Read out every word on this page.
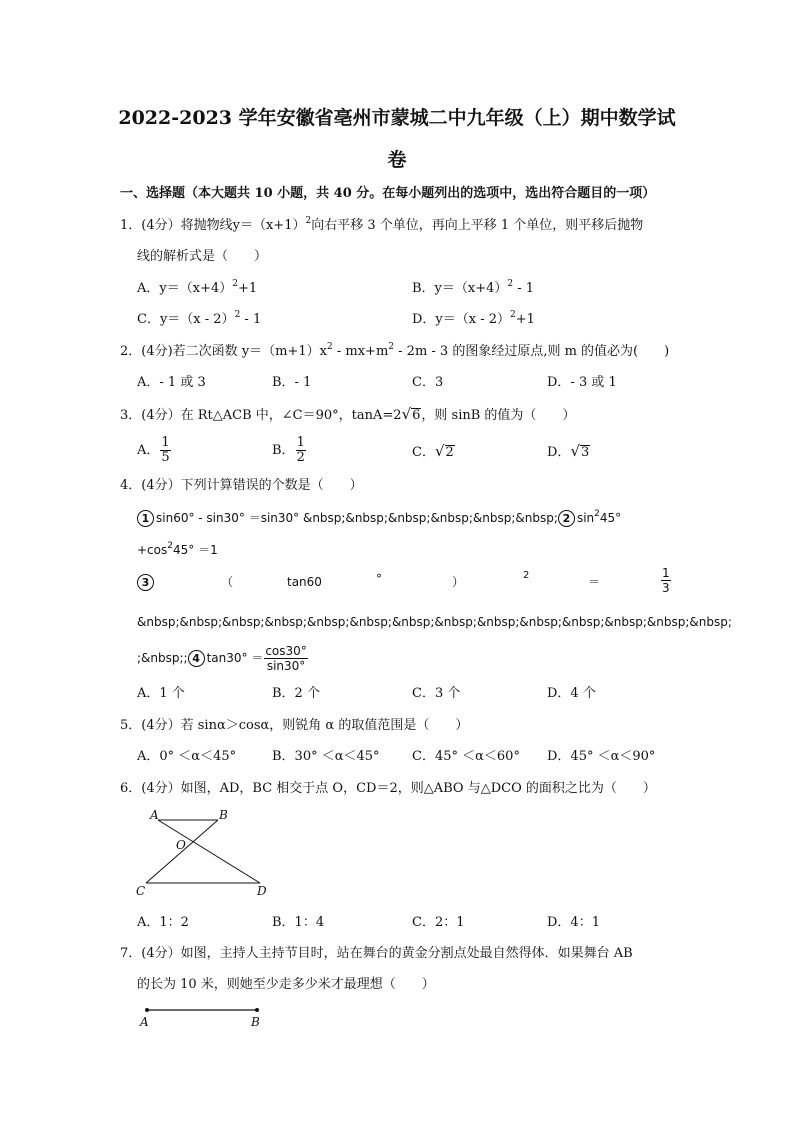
2022-2023 学年安徽省亳州市蒙城二中九年级（上）期中数学试
卷
一、选择题（本大题共 10 小题，共 40 分。在每小题列出的选项中，选出符合题目的一项）
1．(4分）将抛物线$y=(x+1)^2$向右平移 3 个单位，再向上平移 1 个单位，则平移后抛物
线的解析式是（　　）
A．$y=(x+4)^2+1$	B．$y=(x+4)^2 - 1$
C．y＝（x - 2）$^2$ - 1	D．y＝（x - 2）$^2$+1
2．(4分)若二次函数 $y=(m+1)x^2 - mx+m^2 - 2m - 3$ 的图象经过原点,则 m 的值必为(　　)
A．- 1 或 3	B．- 1	C．3	D．- 3 或 1
3．(4分）在 Rt△ACB 中，∠C＝90°，tanA=2√6，则 sinB 的值为（　　）
A． $\frac{1}{5}$	B． $\frac{1}{2}$	C．√2	D．√3
4．(4分）下列计算错误的个数是（　　）
1 sin60° - sin30° ＝sin30° &nbsp;&nbsp;&nbsp;&nbsp;&nbsp;&nbsp; 2 $\sin^245^\circ$
$+\cos^245^\circ =1$
3	（	tan60	°	）	2	＝	$\frac{1}{3}$
&nbsp;&nbsp;&nbsp;&nbsp;&nbsp;&nbsp;&nbsp;&nbsp;&nbsp;&nbsp;&nbsp;&nbsp;&nbsp;&nbsp;
;&nbsp;; 4 $\tan 30^\circ = \frac{\cos 30^\circ}{\sin 30^\circ}$
A．1 个	B．2 个	C．3 个	D．4 个
5．(4分）若 sinα＞cosα，则锐角 α 的取值范围是（　　）
A．0° ＜α＜45°	B．30° ＜α＜45° C．45° ＜α＜60° D．45° ＜α＜90°
6．(4分）如图，AD，BC 相交于点 O，CD＝2，则△ABO 与△DCO 的面积之比为（　　）
A	B
O
C	D
A．1：2	B．1：4	C．2：1	D．4：1
7．(4分）如图，主持人主持节目时，站在舞台的黄金分割点处最自然得体．如果舞台 AB
的长为 10 米，则她至少走多少米才最理想（　　）
A	B
